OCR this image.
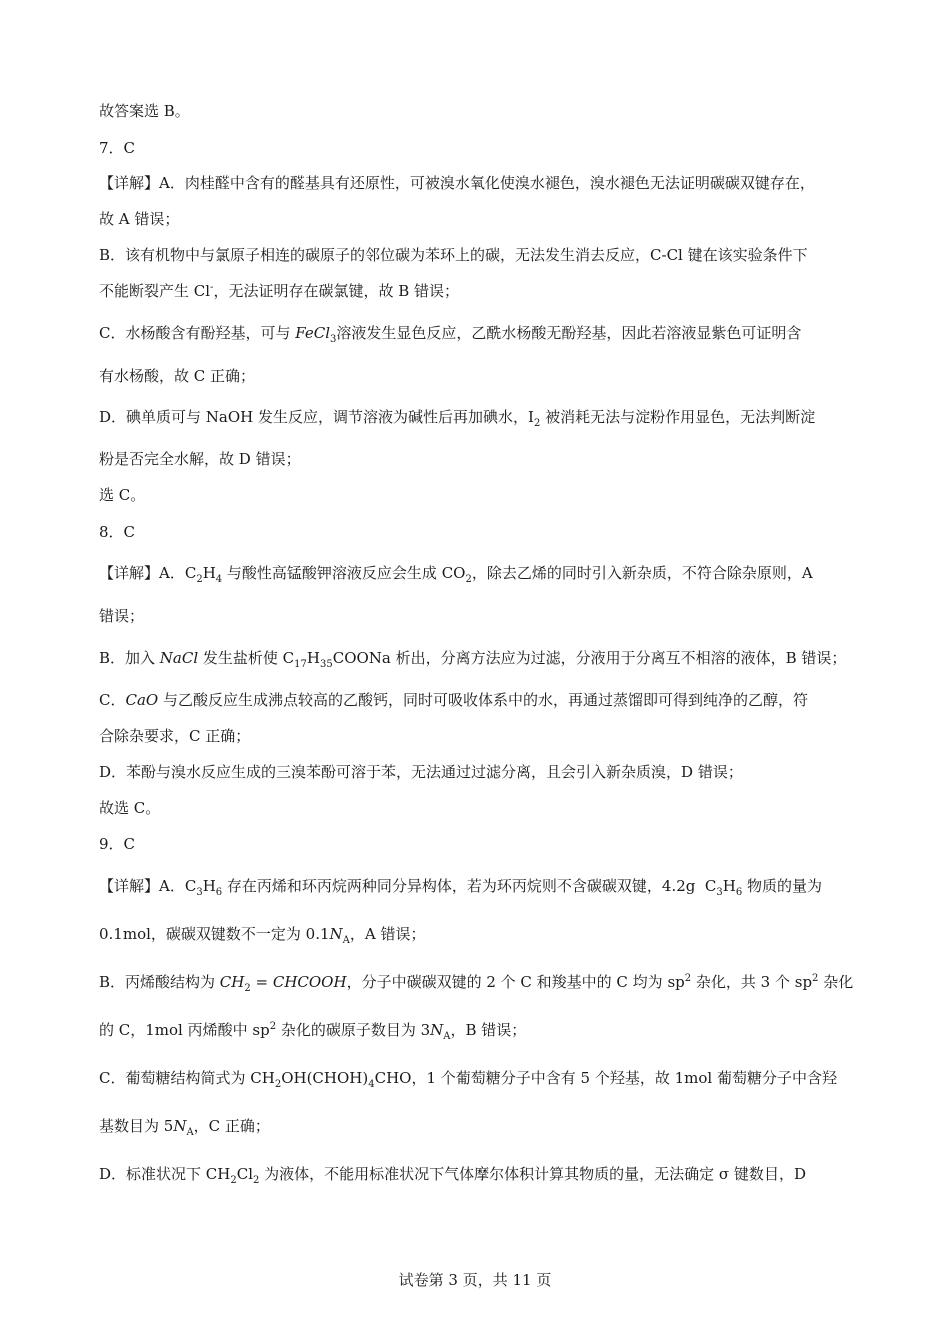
故答案选 B。
7．C
【详解】A．肉桂醛中含有的醛基具有还原性，可被溴水氧化使溴水褪色，溴水褪色无法证明碳碳双键存在，
故 A 错误；
B．该有机物中与氯原子相连的碳原子的邻位碳为苯环上的碳，无法发生消去反应，C-Cl 键在该实验条件下
不能断裂产生 Cl-，无法证明存在碳氯键，故 B 错误；
C．水杨酸含有酚羟基，可与 FeCl$_3$溶液发生显色反应，乙酰水杨酸无酚羟基，因此若溶液显紫色可证明含
有水杨酸，故 C 正确；
D．碘单质可与 NaOH 发生反应，调节溶液为碱性后再加碘水，$I_2$ 被消耗无法与淀粉作用显色，无法判断淀
粉是否完全水解，故 D 错误；
选 C。
8．C
【详解】A．$C_2H_4$ 与酸性高锰酸钾溶液反应会生成 $CO_2$，除去乙烯的同时引入新杂质，不符合除杂原则，A
错误；
B．加入 NaCl 发生盐析使 $C_{17}H_{35}COONa$ 析出，分离方法应为过滤，分液用于分离互不相溶的液体，B 错误；
C．CaO 与乙酸反应生成沸点较高的乙酸钙，同时可吸收体系中的水，再通过蒸馏即可得到纯净的乙醇，符
合除杂要求，C 正确；
D．苯酚与溴水反应生成的三溴苯酚可溶于苯，无法通过过滤分离，且会引入新杂质溴，D 错误；
故选 C。
9．C
【详解】A．$C_3H_6$ 存在丙烯和环丙烷两种同分异构体，若为环丙烷则不含碳碳双键，4.2g  $C_3H_6$ 物质的量为
0.1mol，碳碳双键数不一定为 $0.1N_A$，A 错误；
B．丙烯酸结构为 $CH_2$ = CHCOOH，分子中碳碳双键的 2 个 C 和羧基中的 C 均为 $sp^2$ 杂化，共 3 个 $sp^2$ 杂化
的 C，1mol 丙烯酸中 $sp^2$ 杂化的碳原子数目为 $3N_A$，B 错误；
C．葡萄糖结构简式为 $CH_2OH(CHOH)_4CHO$，1 个葡萄糖分子中含有 5 个羟基，故 1mol 葡萄糖分子中含羟
基数目为 $5N_A$，C 正确；
D．标准状况下 $CH_2Cl_2$ 为液体，不能用标准状况下气体摩尔体积计算其物质的量，无法确定 σ 键数目，D
试卷第 3 页，共 11 页
